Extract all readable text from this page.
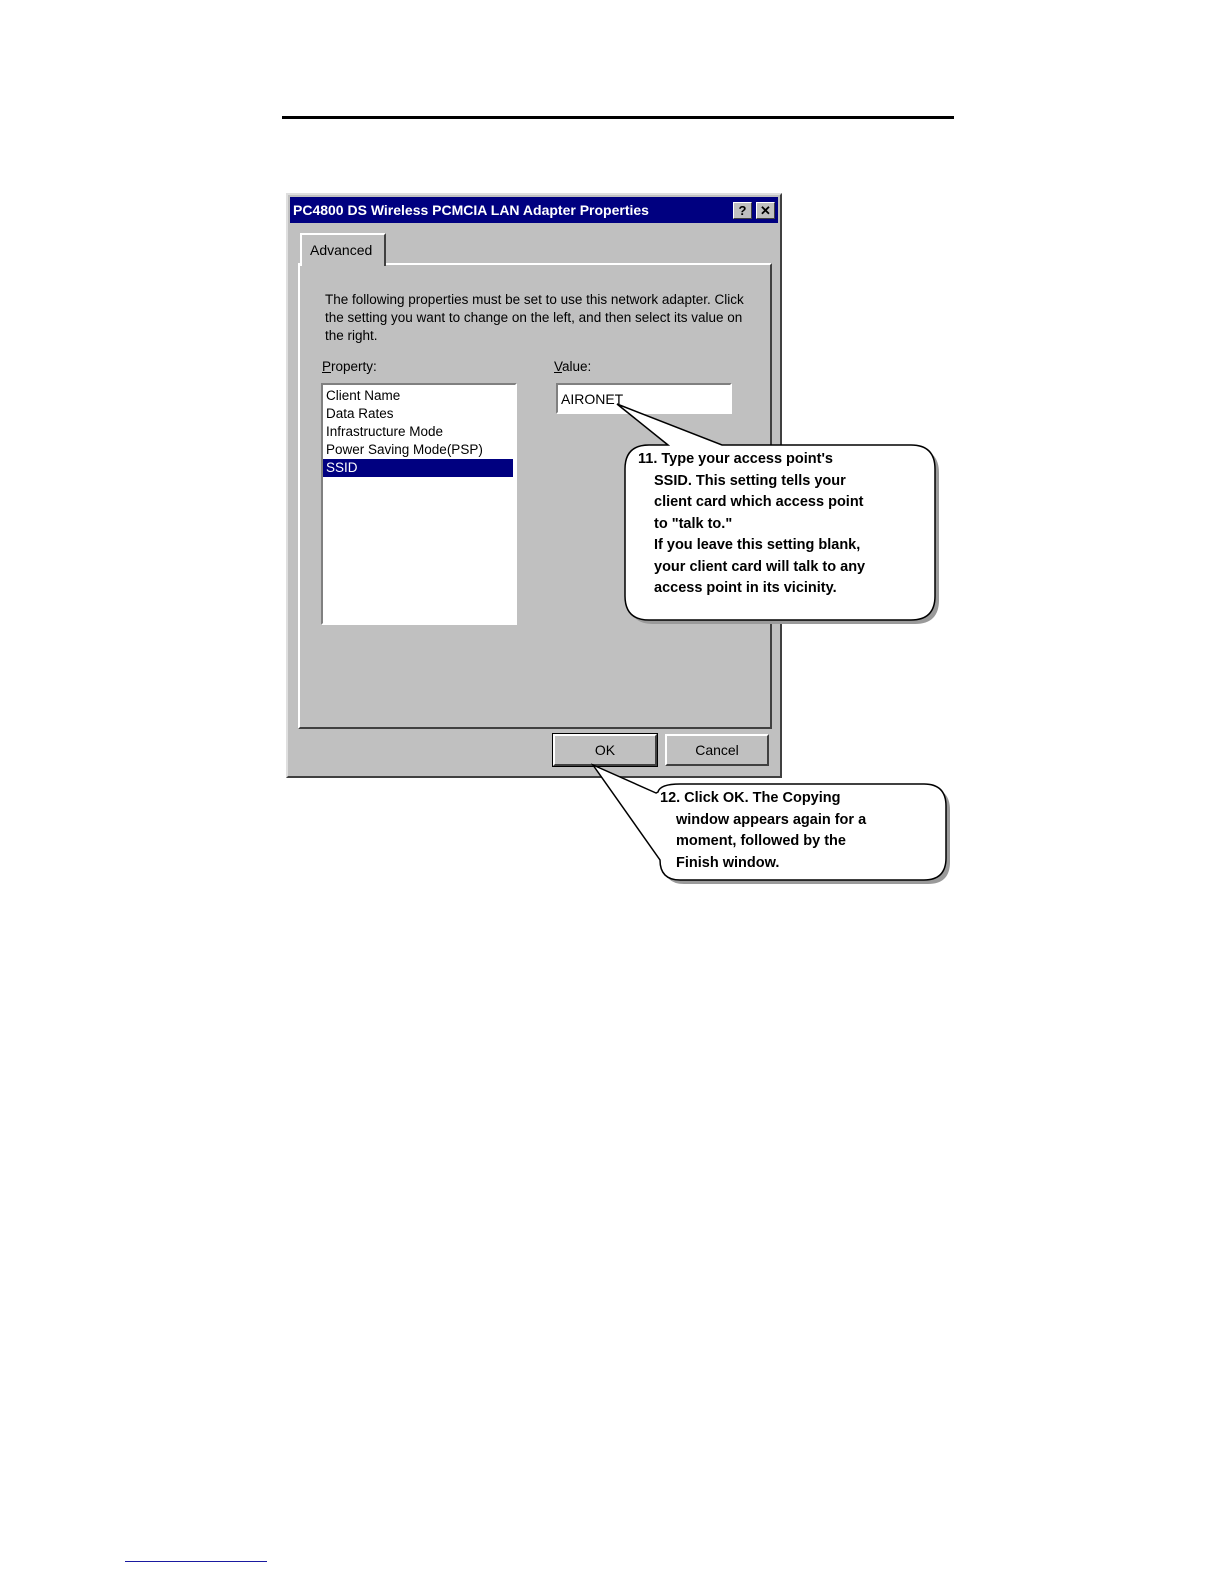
PC4800 DS Wireless PCMCIA LAN Adapter Properties	?	✕
Advanced
The following properties must be set to use this network adapter. Click the setting you want to change on the left, and then select its value on the right.
Property:	Value:
Client Name
Data Rates
Infrastructure Mode
Power Saving Mode(PSP)
SSID
AIRONET
OK	Cancel
11. Type your access point's
SSID. This setting tells your
client card which access point
to "talk to."
If you leave this setting blank,
your client card will talk to any
access point in its vicinity.
12. Click OK. The Copying
window appears again for a
moment, followed by the
Finish window.
